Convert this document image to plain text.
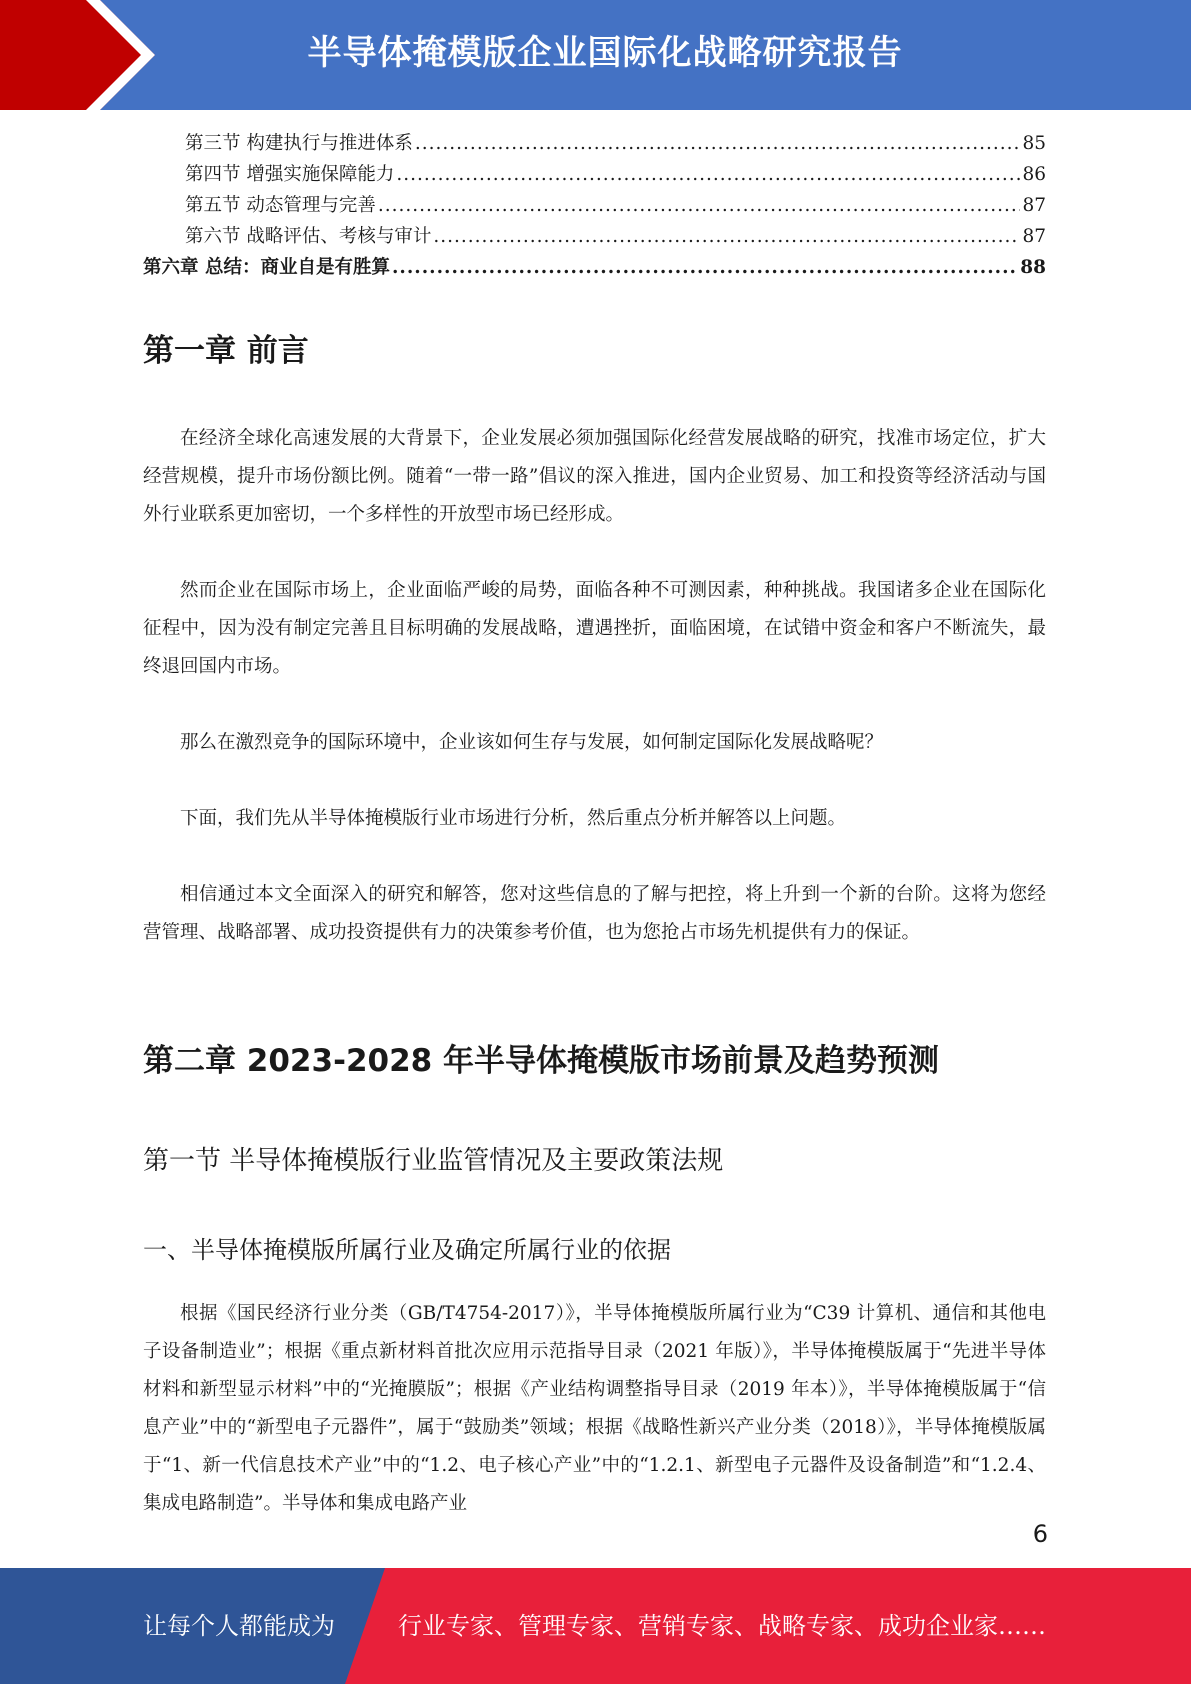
半导体掩模版企业国际化战略研究报告
第三节 构建执行与推进体系 .....	85
第四节 增强实施保障能力 .....	86
第五节 动态管理与完善 .....	87
第六节 战略评估、考核与审计 .....	87
第六章 总结：商业自是有胜算 .....	88
第一章 前言

在经济全球化高速发展的大背景下，企业发展必须加强国际化经营发展战略的研究，找准市场定位，扩大经营规模，提升市场份额比例。随着“一带一路”倡议的深入推进，国内企业贸易、加工和投资等经济活动与国外行业联系更加密切，一个多样性的开放型市场已经形成。

然而企业在国际市场上，企业面临严峻的局势，面临各种不可测因素，种种挑战。我国诸多企业在国际化征程中，因为没有制定完善且目标明确的发展战略，遭遇挫折，面临困境，在试错中资金和客户不断流失，最终退回国内市场。

那么在激烈竞争的国际环境中，企业该如何生存与发展，如何制定国际化发展战略呢？

下面，我们先从半导体掩模版行业市场进行分析，然后重点分析并解答以上问题。

相信通过本文全面深入的研究和解答，您对这些信息的了解与把控，将上升到一个新的台阶。这将为您经营管理、战略部署、成功投资提供有力的决策参考价值，也为您抢占市场先机提供有力的保证。

第二章 2023-2028 年半导体掩模版市场前景及趋势预测
第一节 半导体掩模版行业监管情况及主要政策法规
一、半导体掩模版所属行业及确定所属行业的依据

根据《国民经济行业分类（GB/T4754-2017）》，半导体掩模版所属行业为“C39 计算机、通信和其他电子设备制造业”；根据《重点新材料首批次应用示范指导目录（2021 年版）》，半导体掩模版属于“先进半导体材料和新型显示材料”中的“光掩膜版”；根据《产业结构调整指导目录（2019 年本）》，半导体掩模版属于“信息产业”中的“新型电子元器件”，属于“鼓励类”领域；根据《战略性新兴产业分类（2018）》，半导体掩模版属于“1、新一代信息技术产业”中的“1.2、电子核心产业”中的“1.2.1、新型电子元器件及设备制造”和“1.2.4、集成电路制造”。半导体和集成电路产业

6
让每个人都能成为	行业专家、管理专家、营销专家、战略专家、成功企业家……
